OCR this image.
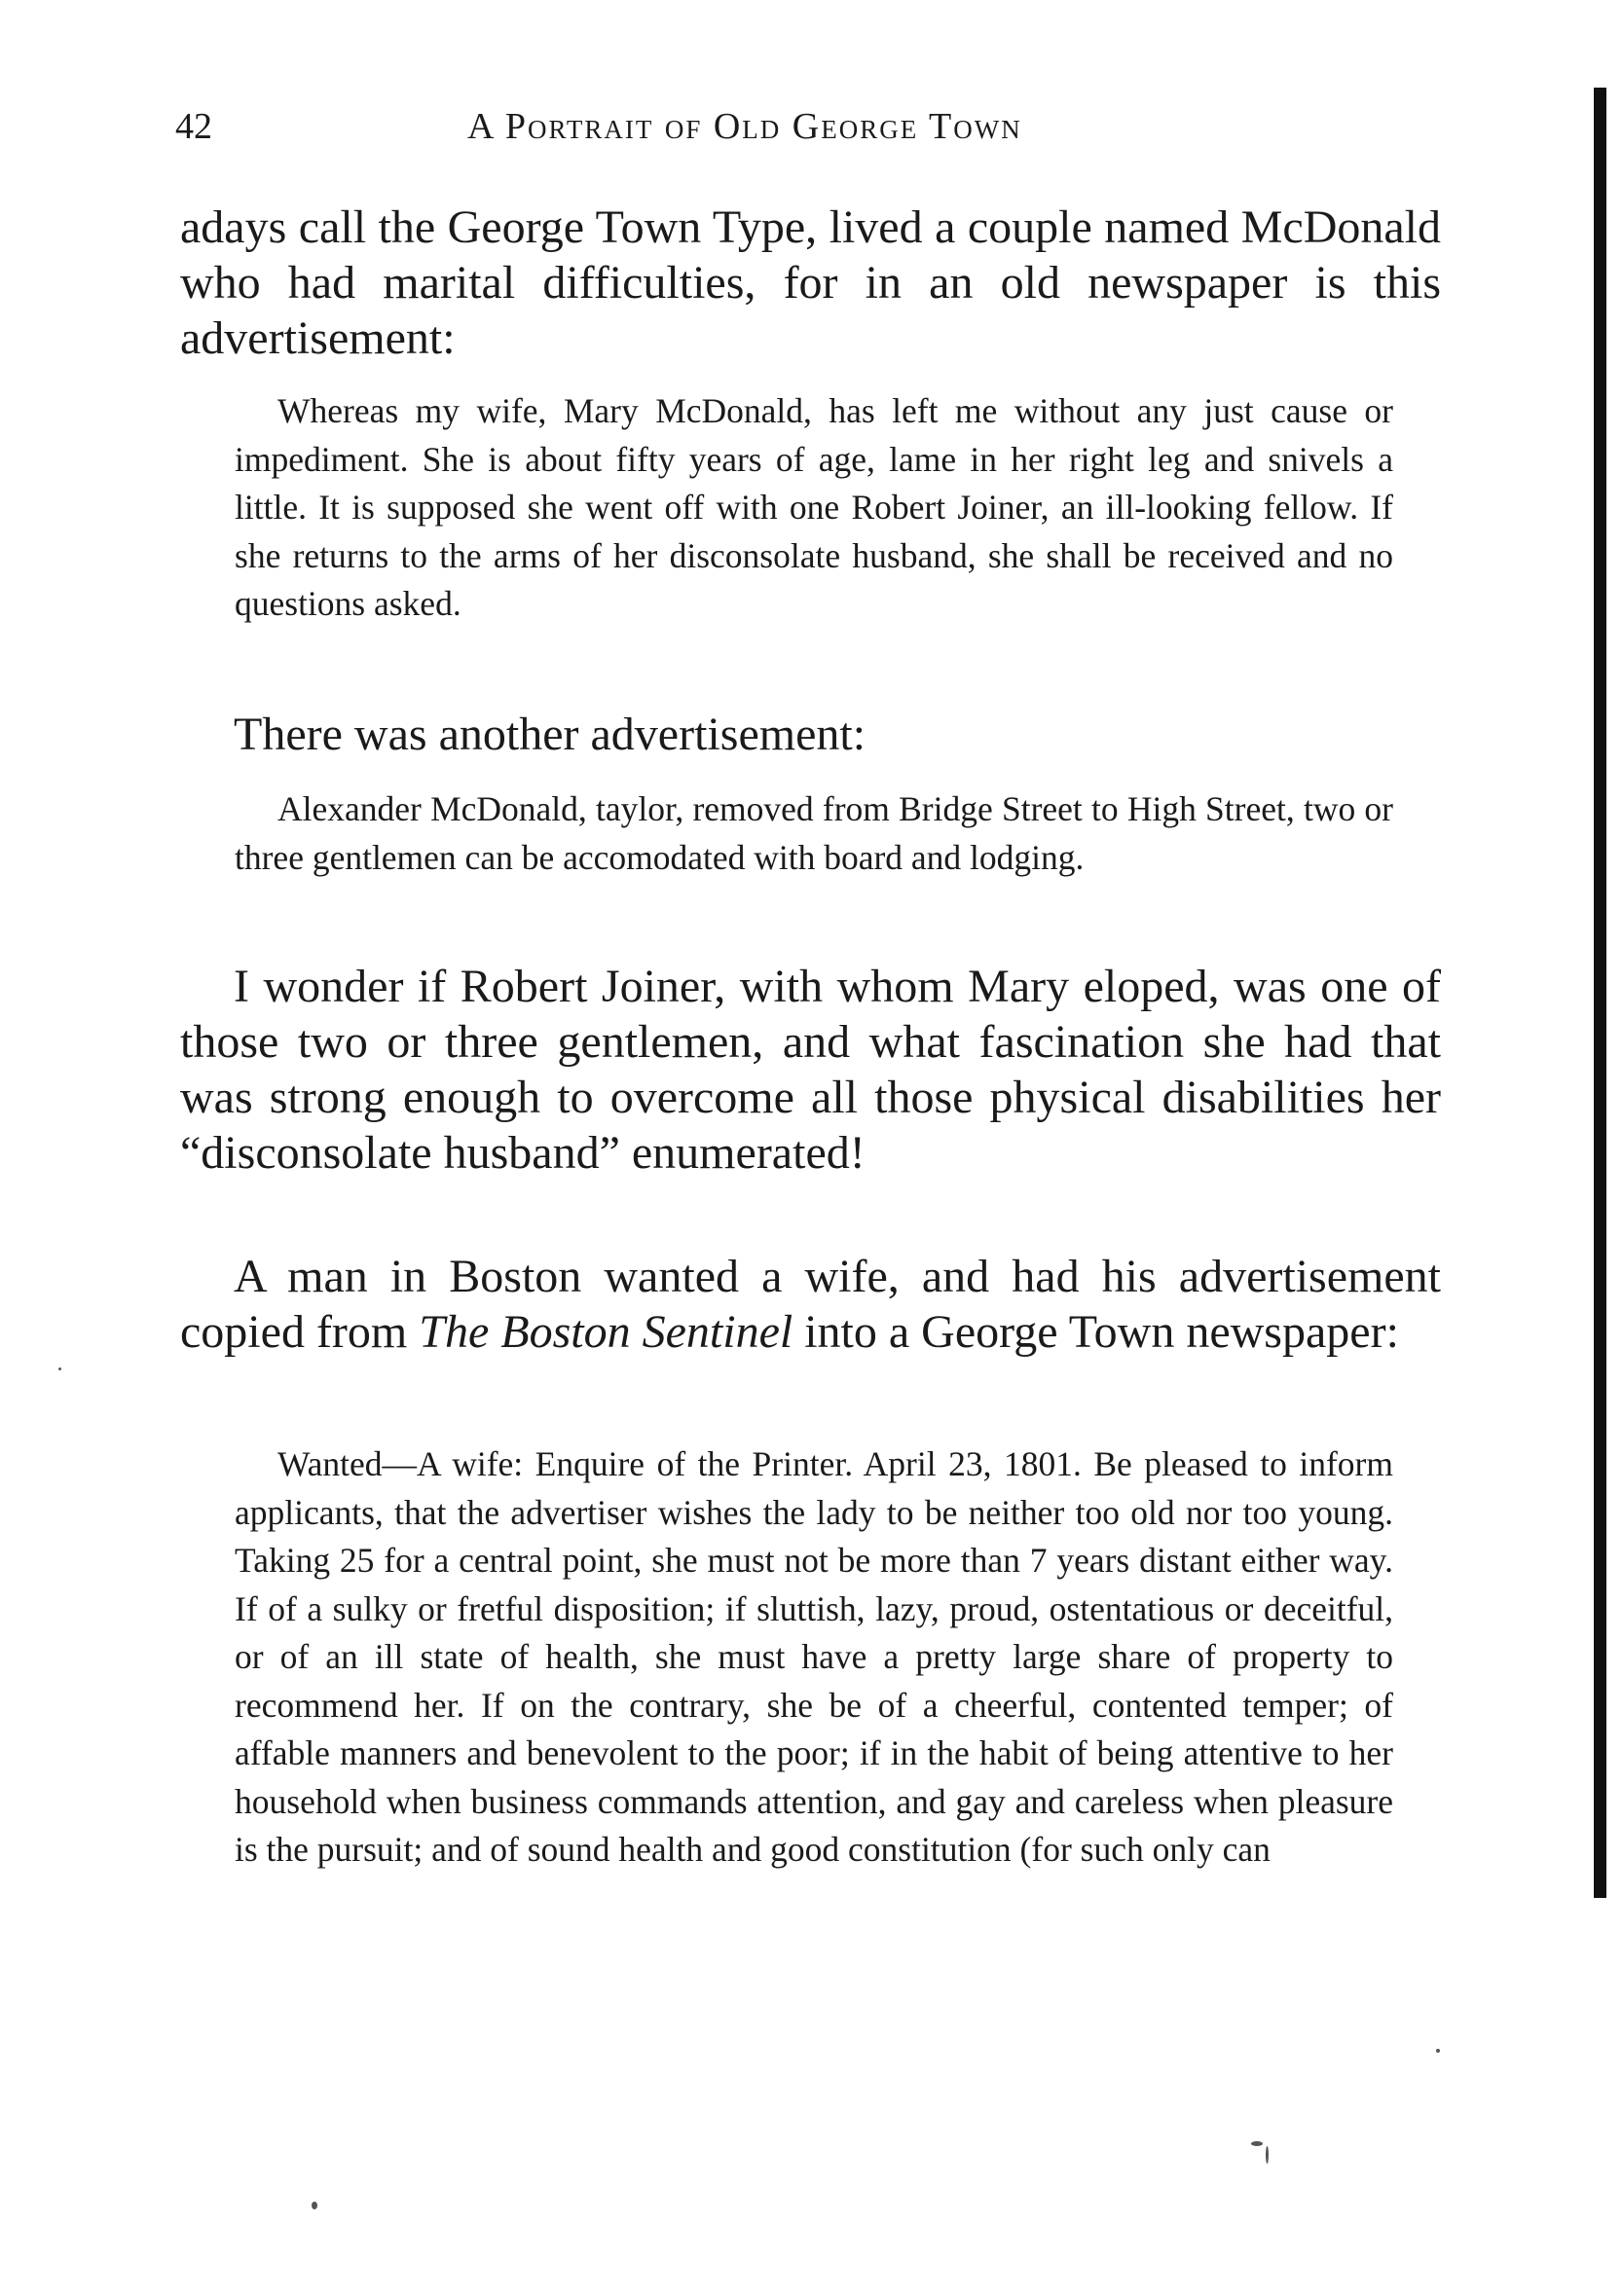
42	A Portrait of Old George Town

adays call the George Town Type, lived a couple named McDonald who had marital difficulties, for in an old newspaper is this advertisement:

Whereas my wife, Mary McDonald, has left me without any just cause or impediment. She is about fifty years of age, lame in her right leg and snivels a little. It is supposed she went off with one Robert Joiner, an ill-looking fellow. If she returns to the arms of her disconsolate husband, she shall be received and no questions asked.

There was another advertisement:

Alexander McDonald, taylor, removed from Bridge Street to High Street, two or three gentlemen can be accomodated with board and lodging.

I wonder if Robert Joiner, with whom Mary eloped, was one of those two or three gentlemen, and what fascination she had that was strong enough to overcome all those physical disabilities her “disconsolate husband” enumerated!

A man in Boston wanted a wife, and had his advertisement copied from The Boston Sentinel into a George Town newspaper:

Wanted—A wife: Enquire of the Printer. April 23, 1801. Be pleased to inform applicants, that the advertiser wishes the lady to be neither too old nor too young. Taking 25 for a central point, she must not be more than 7 years distant either way. If of a sulky or fretful disposition; if sluttish, lazy, proud, ostentatious or deceitful, or of an ill state of health, she must have a pretty large share of property to recommend her. If on the contrary, she be of a cheerful, contented temper; of affable manners and benevolent to the poor; if in the habit of being attentive to her household when business commands attention, and gay and careless when pleasure is the pursuit; and of sound health and good constitution (for such only can
